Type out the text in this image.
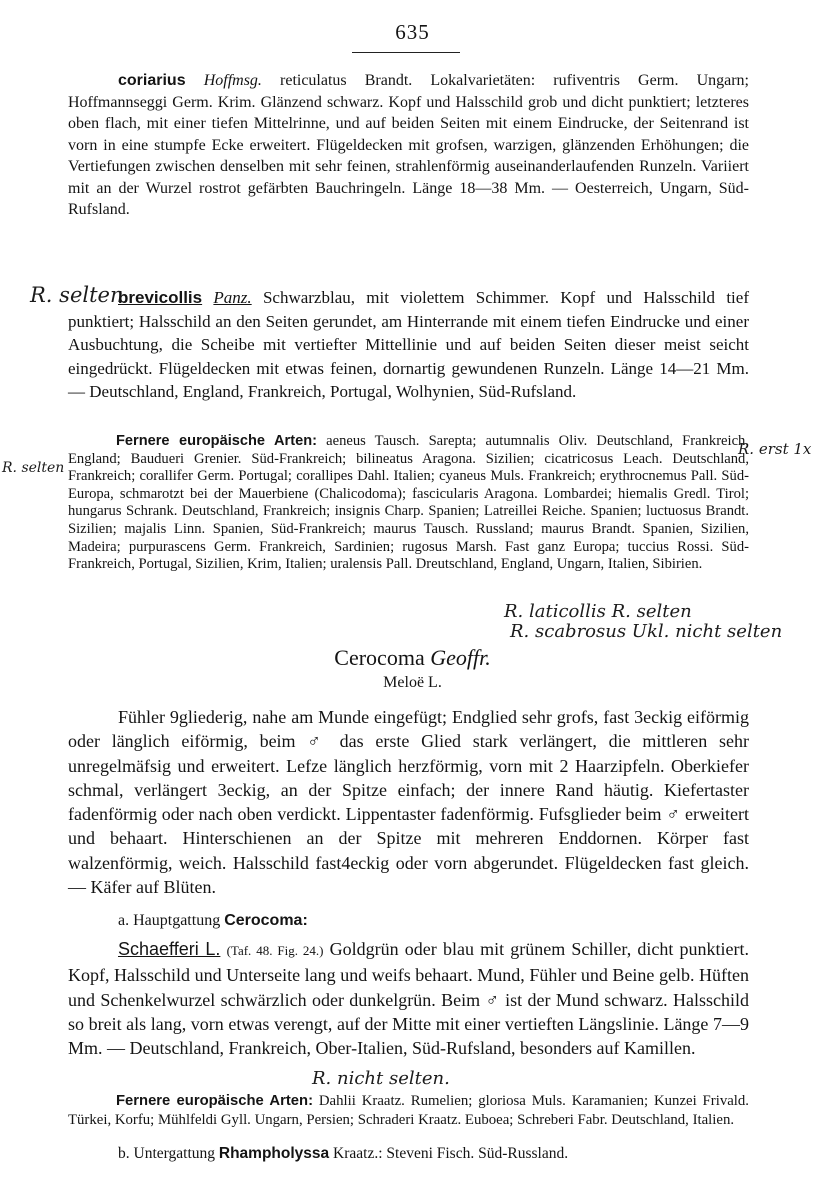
635

coriarius Hoffmsg. reticulatus Brandt. Lokalvarietäten: rufiventris Germ. Ungarn; Hoffmannseggi Germ. Krim. Glänzend schwarz. Kopf und Halsschild grob und dicht punktiert; letzteres oben flach, mit einer tiefen Mittelrinne, und auf beiden Seiten mit einem Eindrucke, der Seitenrand ist vorn in eine stumpfe Ecke erweitert. Flügeldecken mit grofsen, warzigen, glänzenden Erhöhungen; die Vertiefungen zwischen denselben mit sehr feinen, strahlenförmig auseinanderlaufenden Runzeln. Variiert mit an der Wurzel rostrot gefärbten Bauchringeln. Länge 18—38 Mm. — Oesterreich, Ungarn, Süd-Rufsland.

R. selten

brevicollis Panz. Schwarzblau, mit violettem Schimmer. Kopf und Halsschild tief punktiert; Halsschild an den Seiten gerundet, am Hinterrande mit einem tiefen Eindrucke und einer Ausbuchtung, die Scheibe mit vertiefter Mittellinie und auf beiden Seiten dieser meist seicht eingedrückt. Flügeldecken mit etwas feinen, dornartig gewundenen Runzeln. Länge 14—21 Mm. — Deutschland, England, Frankreich, Portugal, Wolhynien, Süd-Rufsland.

R. erst 1x
R. selten

Fernere europäische Arten: aeneus Tausch. Sarepta; autumnalis Oliv. Deutschland, Frankreich, England; Baudueri Grenier. Süd-Frankreich; bilineatus Aragona. Sizilien; cicatricosus Leach. Deutschland, Frankreich; corallifer Germ. Portugal; corallipes Dahl. Italien; cyaneus Muls. Frankreich; erythrocnemus Pall. Süd-Europa, schmarotzt bei der Mauerbiene (Chalicodoma); fascicularis Aragona. Lombardei; hiemalis Gredl. Tirol; hungarus Schrank. Deutschland, Frankreich; insignis Charp. Spanien; Latreillei Reiche. Spanien; luctuosus Brandt. Sizilien; majalis Linn. Spanien, Süd-Frankreich; maurus Tausch. Russland; maurus Brandt. Spanien, Sizilien, Madeira; purpurascens Germ. Frankreich, Sardinien; rugosus Marsh. Fast ganz Europa; tuccius Rossi. Süd-Frankreich, Portugal, Sizilien, Krim, Italien; uralensis Pall. Dreutschland, England, Ungarn, Italien, Sibirien.

R. laticollis R. selten
R. scabrosus Ukl. nicht selten
Cerocoma Geoffr.
Meloë L.

Fühler 9gliederig, nahe am Munde eingefügt; Endglied sehr grofs, fast 3eckig eiförmig oder länglich eiförmig, beim ♂ das erste Glied stark verlängert, die mittleren sehr unregelmäfsig und erweitert. Lefze länglich herzförmig, vorn mit 2 Haarzipfeln. Oberkiefer schmal, verlängert 3eckig, an der Spitze einfach; der innere Rand häutig. Kiefertaster fadenförmig oder nach oben verdickt. Lippentaster fadenförmig. Fufsglieder beim ♂ erweitert und behaart. Hinterschienen an der Spitze mit mehreren Enddornen. Körper fast walzenförmig, weich. Halsschild fast4eckig oder vorn abgerundet. Flügeldecken fast gleich. — Käfer auf Blüten.

a. Hauptgattung Cerocoma:

Schaefferi L. (Taf. 48. Fig. 24.) Goldgrün oder blau mit grünem Schiller, dicht punktiert. Kopf, Halsschild und Unterseite lang und weifs behaart. Mund, Fühler und Beine gelb. Hüften und Schenkelwurzel schwärzlich oder dunkelgrün. Beim ♂ ist der Mund schwarz. Halsschild so breit als lang, vorn etwas verengt, auf der Mitte mit einer vertieften Längslinie. Länge 7—9 Mm. — Deutschland, Frankreich, Ober-Italien, Süd-Rufsland, besonders auf Kamillen.

R. nicht selten.

Fernere europäische Arten: Dahlii Kraatz. Rumelien; gloriosa Muls. Karamanien; Kunzei Frivald. Türkei, Korfu; Mühlfeldi Gyll. Ungarn, Persien; Schraderi Kraatz. Euboea; Schreberi Fabr. Deutschland, Italien.

b. Untergattung Rhampholyssa Kraatz.: Steveni Fisch. Süd-Russland.
